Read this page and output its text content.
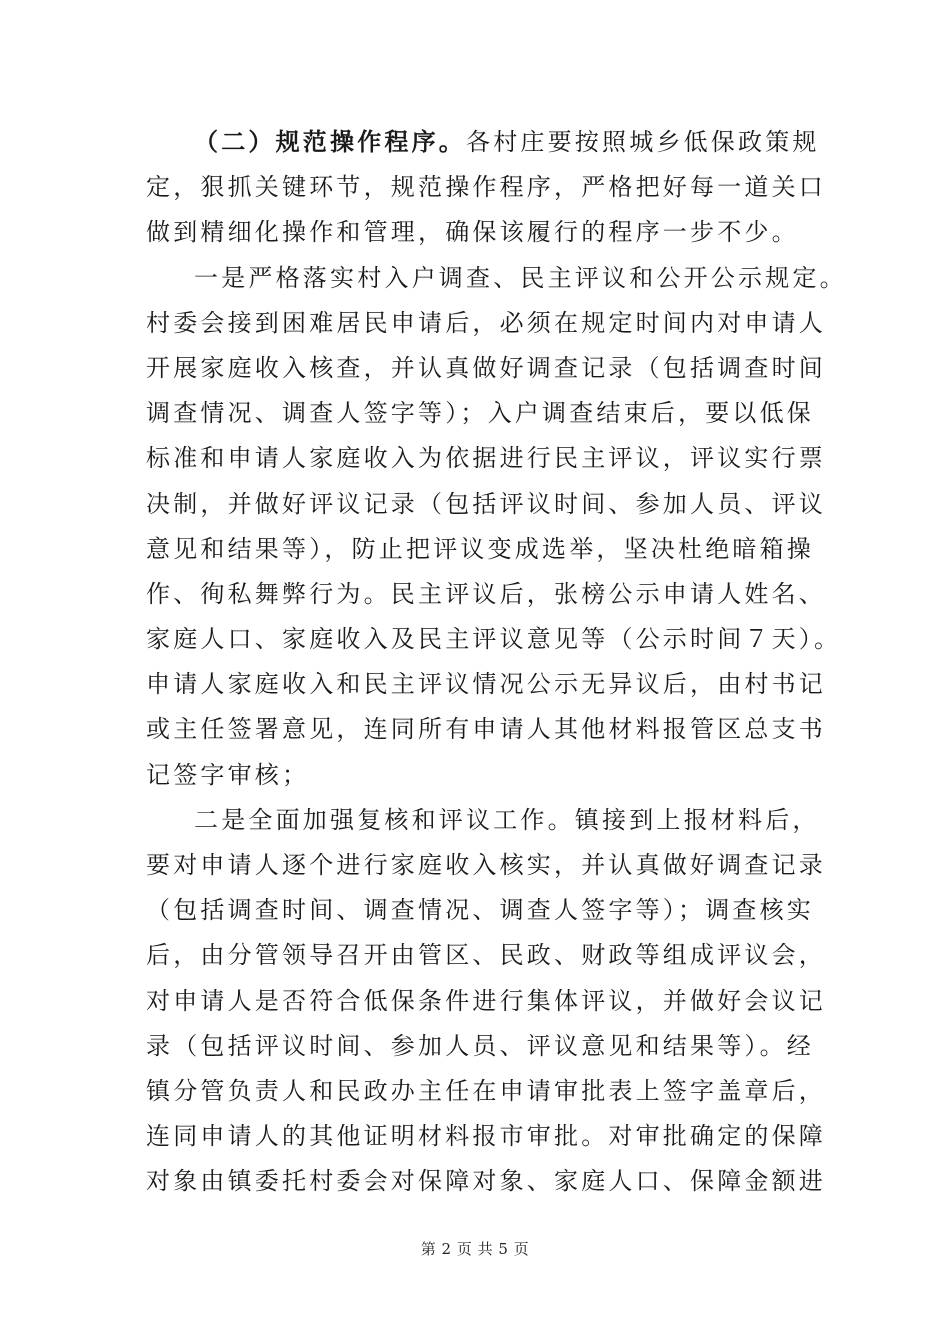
（二）规范操作程序。各村庄要按照城乡低保政策规
定，狠抓关键环节，规范操作程序，严格把好每一道关口
做到精细化操作和管理，确保该履行的程序一步不少。
一是严格落实村入户调查、民主评议和公开公示规定。
村委会接到困难居民申请后，必须在规定时间内对申请人
开展家庭收入核查，并认真做好调查记录（包括调查时间
调查情况、调查人签字等）；入户调查结束后，要以低保
标准和申请人家庭收入为依据进行民主评议，评议实行票
决制，并做好评议记录（包括评议时间、参加人员、评议
意见和结果等），防止把评议变成选举，坚决杜绝暗箱操
作、徇私舞弊行为。民主评议后，张榜公示申请人姓名、
家庭人口、家庭收入及民主评议意见等（公示时间７天）。
申请人家庭收入和民主评议情况公示无异议后，由村书记
或主任签署意见，连同所有申请人其他材料报管区总支书
记签字审核；
二是全面加强复核和评议工作。镇接到上报材料后，
要对申请人逐个进行家庭收入核实，并认真做好调查记录
（包括调查时间、调查情况、调查人签字等）；调查核实
后，由分管领导召开由管区、民政、财政等组成评议会，
对申请人是否符合低保条件进行集体评议，并做好会议记
录（包括评议时间、参加人员、评议意见和结果等）。经
镇分管负责人和民政办主任在申请审批表上签字盖章后，
连同申请人的其他证明材料报市审批。对审批确定的保障
对象由镇委托村委会对保障对象、家庭人口、保障金额进
第 2 页 共 5 页
